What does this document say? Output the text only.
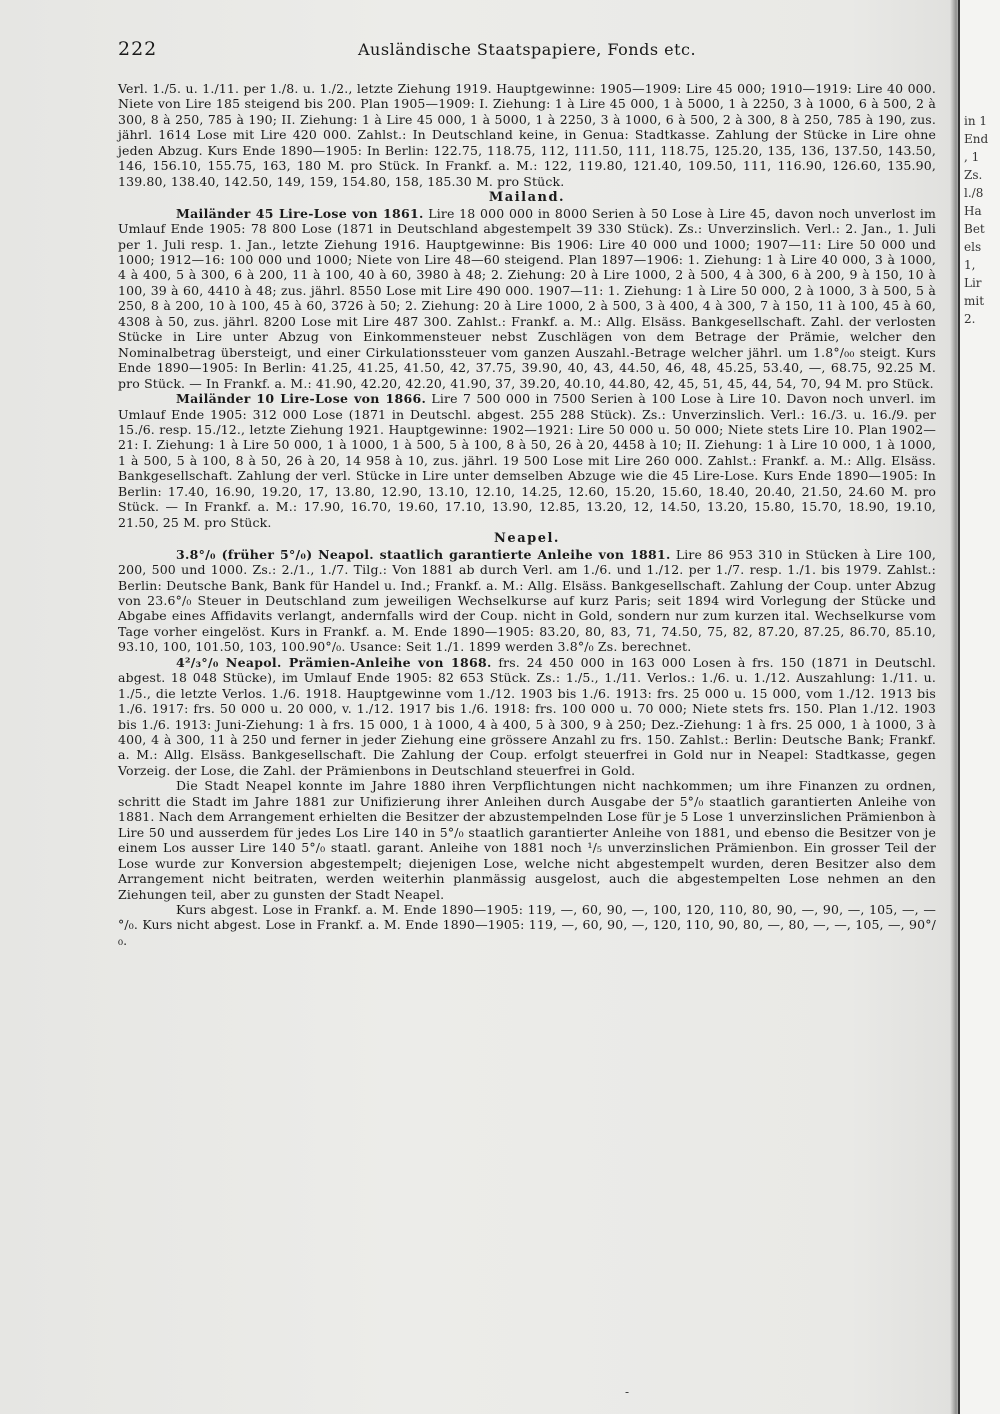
222	Ausländische Staatspapiere, Fonds etc.

Verl. 1./5. u. 1./11. per 1./8. u. 1./2., letzte Ziehung 1919. Hauptgewinne: 1905—1909: Lire 45 000; 1910—1919: Lire 40 000. Niete von Lire 185 steigend bis 200. Plan 1905—1909: I. Ziehung: 1 à Lire 45 000, 1 à 5000, 1 à 2250, 3 à 1000, 6 à 500, 2 à 300, 8 à 250, 785 à 190; II. Ziehung: 1 à Lire 45 000, 1 à 5000, 1 à 2250, 3 à 1000, 6 à 500, 2 à 300, 8 à 250, 785 à 190, zus. jährl. 1614 Lose mit Lire 420 000. Zahlst.: In Deutschland keine, in Genua: Stadtkasse. Zahlung der Stücke in Lire ohne jeden Abzug. Kurs Ende 1890—1905: In Berlin: 122.75, 118.75, 112, 111.50, 111, 118.75, 125.20, 135, 136, 137.50, 143.50, 146, 156.10, 155.75, 163, 180 M. pro Stück. In Frankf. a. M.: 122, 119.80, 121.40, 109.50, 111, 116.90, 126.60, 135.90, 139.80, 138.40, 142.50, 149, 159, 154.80, 158, 185.30 M. pro Stück.

Mailand.

Mailänder 45 Lire-Lose von 1861. Lire 18 000 000 in 8000 Serien à 50 Lose à Lire 45, davon noch unverlost im Umlauf Ende 1905: 78 800 Lose (1871 in Deutschland abgestempelt 39 330 Stück). Zs.: Unverzinslich. Verl.: 2. Jan., 1. Juli per 1. Juli resp. 1. Jan., letzte Ziehung 1916. Hauptgewinne: Bis 1906: Lire 40 000 und 1000; 1907—11: Lire 50 000 und 1000; 1912—16: 100 000 und 1000; Niete von Lire 48—60 steigend. Plan 1897—1906: 1. Ziehung: 1 à Lire 40 000, 3 à 1000, 4 à 400, 5 à 300, 6 à 200, 11 à 100, 40 à 60, 3980 à 48; 2. Ziehung: 20 à Lire 1000, 2 à 500, 4 à 300, 6 à 200, 9 à 150, 10 à 100, 39 à 60, 4410 à 48; zus. jährl. 8550 Lose mit Lire 490 000. 1907—11: 1. Ziehung: 1 à Lire 50 000, 2 à 1000, 3 à 500, 5 à 250, 8 à 200, 10 à 100, 45 à 60, 3726 à 50; 2. Ziehung: 20 à Lire 1000, 2 à 500, 3 à 400, 4 à 300, 7 à 150, 11 à 100, 45 à 60, 4308 à 50, zus. jährl. 8200 Lose mit Lire 487 300. Zahlst.: Frankf. a. M.: Allg. Elsäss. Bankgesellschaft. Zahl. der verlosten Stücke in Lire unter Abzug von Einkommensteuer nebst Zuschlägen von dem Betrage der Prämie, welcher den Nominalbetrag übersteigt, und einer Cirkulationssteuer vom ganzen Auszahl.-Betrage welcher jährl. um 1.8°/₀₀ steigt. Kurs Ende 1890—1905: In Berlin: 41.25, 41.25, 41.50, 42, 37.75, 39.90, 40, 43, 44.50, 46, 48, 45.25, 53.40, —, 68.75, 92.25 M. pro Stück. — In Frankf. a. M.: 41.90, 42.20, 42.20, 41.90, 37, 39.20, 40.10, 44.80, 42, 45, 51, 45, 44, 54, 70, 94 M. pro Stück.

Mailänder 10 Lire-Lose von 1866. Lire 7 500 000 in 7500 Serien à 100 Lose à Lire 10. Davon noch unverl. im Umlauf Ende 1905: 312 000 Lose (1871 in Deutschl. abgest. 255 288 Stück). Zs.: Unverzinslich. Verl.: 16./3. u. 16./9. per 15./6. resp. 15./12., letzte Ziehung 1921. Hauptgewinne: 1902—1921: Lire 50 000 u. 50 000; Niete stets Lire 10. Plan 1902—21: I. Ziehung: 1 à Lire 50 000, 1 à 1000, 1 à 500, 5 à 100, 8 à 50, 26 à 20, 4458 à 10; II. Ziehung: 1 à Lire 10 000, 1 à 1000, 1 à 500, 5 à 100, 8 à 50, 26 à 20, 14 958 à 10, zus. jährl. 19 500 Lose mit Lire 260 000. Zahlst.: Frankf. a. M.: Allg. Elsäss. Bankgesellschaft. Zahlung der verl. Stücke in Lire unter demselben Abzuge wie die 45 Lire-Lose. Kurs Ende 1890—1905: In Berlin: 17.40, 16.90, 19.20, 17, 13.80, 12.90, 13.10, 12.10, 14.25, 12.60, 15.20, 15.60, 18.40, 20.40, 21.50, 24.60 M. pro Stück. — In Frankf. a. M.: 17.90, 16.70, 19.60, 17.10, 13.90, 12.85, 13.20, 12, 14.50, 13.20, 15.80, 15.70, 18.90, 19.10, 21.50, 25 M. pro Stück.

Neapel.

3.8°/₀ (früher 5°/₀) Neapol. staatlich garantierte Anleihe von 1881. Lire 86 953 310 in Stücken à Lire 100, 200, 500 und 1000. Zs.: 2./1., 1./7. Tilg.: Von 1881 ab durch Verl. am 1./6. und 1./12. per 1./7. resp. 1./1. bis 1979. Zahlst.: Berlin: Deutsche Bank, Bank für Handel u. Ind.; Frankf. a. M.: Allg. Elsäss. Bankgesellschaft. Zahlung der Coup. unter Abzug von 23.6°/₀ Steuer in Deutschland zum jeweiligen Wechselkurse auf kurz Paris; seit 1894 wird Vorlegung der Stücke und Abgabe eines Affidavits verlangt, andernfalls wird der Coup. nicht in Gold, sondern nur zum kurzen ital. Wechselkurse vom Tage vorher eingelöst. Kurs in Frankf. a. M. Ende 1890—1905: 83.20, 80, 83, 71, 74.50, 75, 82, 87.20, 87.25, 86.70, 85.10, 93.10, 100, 101.50, 103, 100.90°/₀. Usance: Seit 1./1. 1899 werden 3.8°/₀ Zs. berechnet.

4²/₃°/₀ Neapol. Prämien-Anleihe von 1868. frs. 24 450 000 in 163 000 Losen à frs. 150 (1871 in Deutschl. abgest. 18 048 Stücke), im Umlauf Ende 1905: 82 653 Stück. Zs.: 1./5., 1./11. Verlos.: 1./6. u. 1./12. Auszahlung: 1./11. u. 1./5., die letzte Verlos. 1./6. 1918. Hauptgewinne vom 1./12. 1903 bis 1./6. 1913: frs. 25 000 u. 15 000, vom 1./12. 1913 bis 1./6. 1917: frs. 50 000 u. 20 000, v. 1./12. 1917 bis 1./6. 1918: frs. 100 000 u. 70 000; Niete stets frs. 150. Plan 1./12. 1903 bis 1./6. 1913: Juni-Ziehung: 1 à frs. 15 000, 1 à 1000, 4 à 400, 5 à 300, 9 à 250; Dez.-Ziehung: 1 à frs. 25 000, 1 à 1000, 3 à 400, 4 à 300, 11 à 250 und ferner in jeder Ziehung eine grössere Anzahl zu frs. 150. Zahlst.: Berlin: Deutsche Bank; Frankf. a. M.: Allg. Elsäss. Bankgesellschaft. Die Zahlung der Coup. erfolgt steuerfrei in Gold nur in Neapel: Stadtkasse, gegen Vorzeig. der Lose, die Zahl. der Prämienbons in Deutschland steuerfrei in Gold.

Die Stadt Neapel konnte im Jahre 1880 ihren Verpflichtungen nicht nachkommen; um ihre Finanzen zu ordnen, schritt die Stadt im Jahre 1881 zur Unifizierung ihrer Anleihen durch Ausgabe der 5°/₀ staatlich garantierten Anleihe von 1881. Nach dem Arrangement erhielten die Besitzer der abzustempelnden Lose für je 5 Lose 1 unverzinslichen Prämienbon à Lire 50 und ausserdem für jedes Los Lire 140 in 5°/₀ staatlich garantierter Anleihe von 1881, und ebenso die Besitzer von je einem Los ausser Lire 140 5°/₀ staatl. garant. Anleihe von 1881 noch ¹/₅ unverzinslichen Prämienbon. Ein grosser Teil der Lose wurde zur Konversion abgestempelt; diejenigen Lose, welche nicht abgestempelt wurden, deren Besitzer also dem Arrangement nicht beitraten, werden weiterhin planmässig ausgelost, auch die abgestempelten Lose nehmen an den Ziehungen teil, aber zu gunsten der Stadt Neapel.

Kurs abgest. Lose in Frankf. a. M. Ende 1890—1905: 119, —, 60, 90, —, 100, 120, 110, 80, 90, —, 90, —, 105, —, —°/₀. Kurs nicht abgest. Lose in Frankf. a. M. Ende 1890—1905: 119, —, 60, 90, —, 120, 110, 90, 80, —, 80, —, —, 105, —, 90°/₀.

in 1
End
, 1
Zs.
l./8
Ha
Bet
els
1,
Lir
mit
2.
-
